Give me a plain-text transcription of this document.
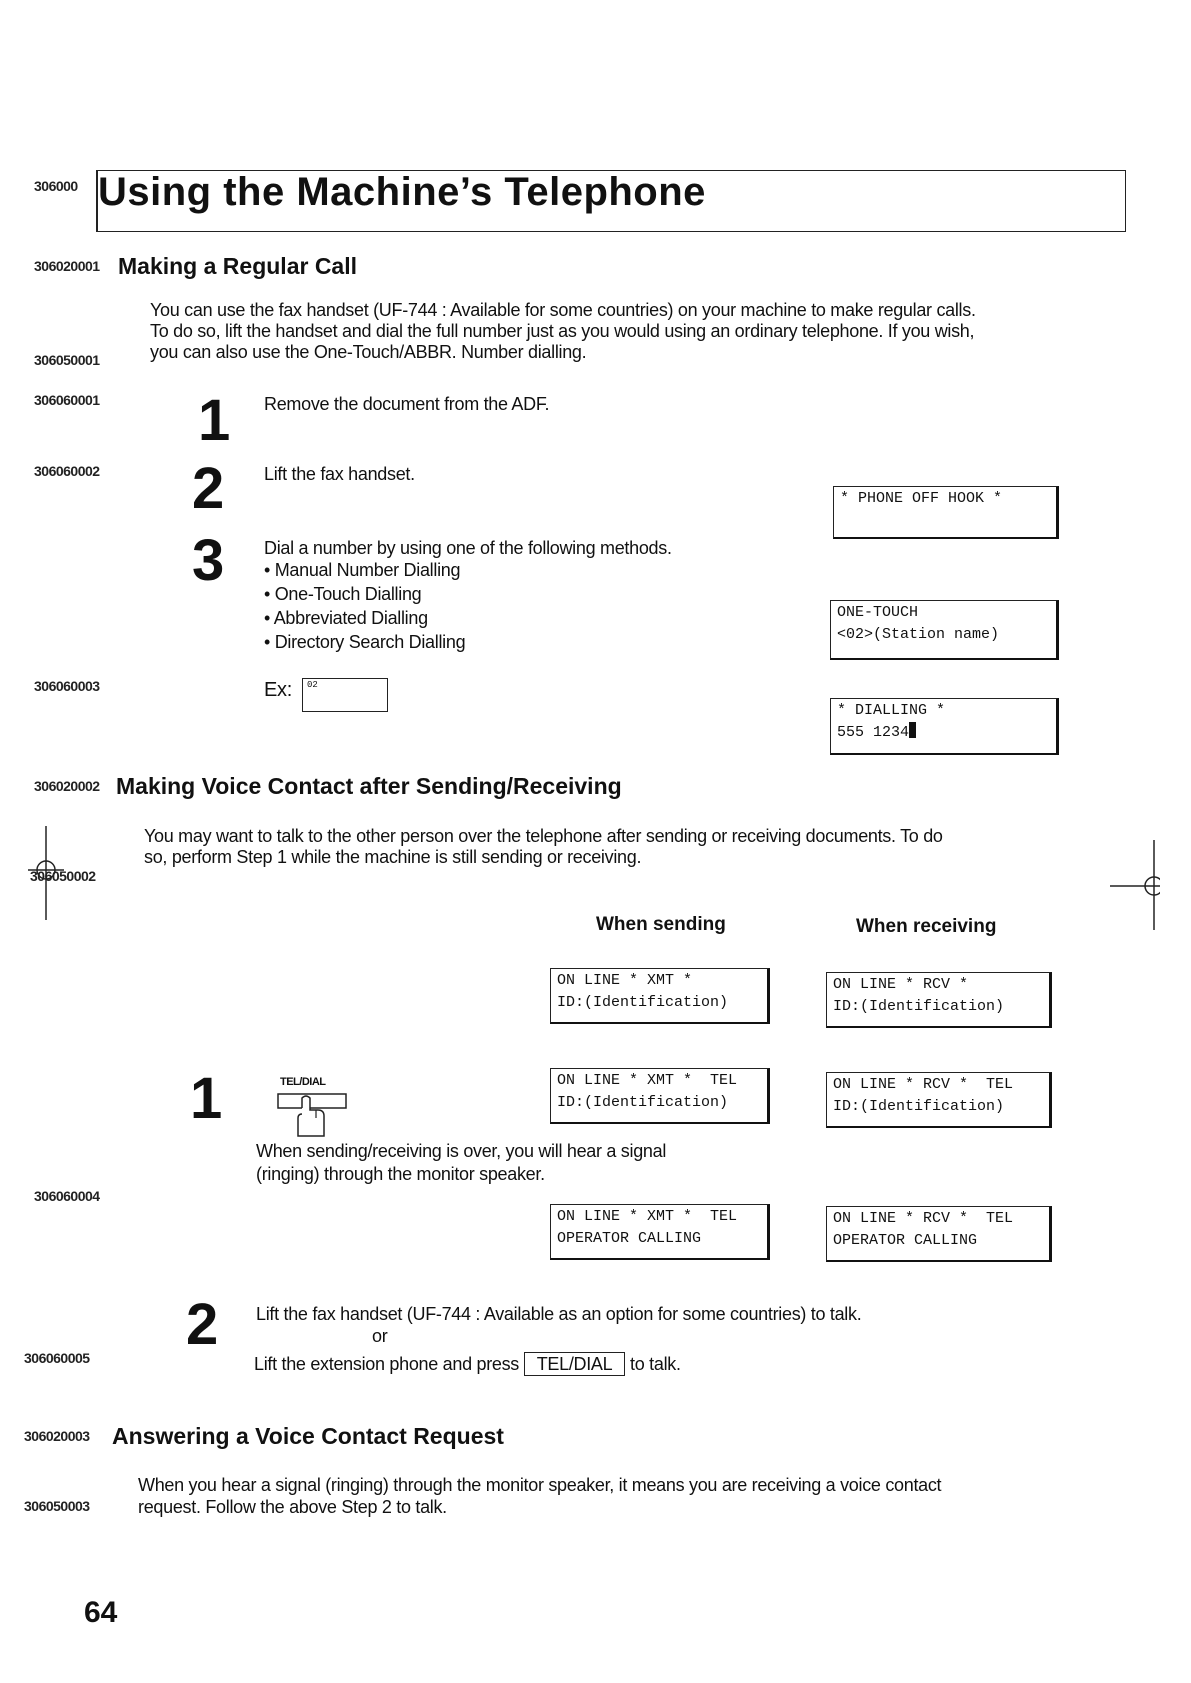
306000 Using the Machine’s Telephone
306020001 Making a Regular Call
You can use the fax handset (UF-744 : Available for some countries) on your machine to make regular calls.
To do so, lift the handset and dial the full number just as you would using an ordinary telephone. If you wish,
you can also use the One-Touch/ABBR. Number dialling.
306050001
306060001 1 Remove the document from the ADF.
306060002 2 Lift the fax handset.
3 Dial a number by using one of the following methods.
• Manual Number Dialling
• One-Touch Dialling
• Abbreviated Dialling
• Directory Search Dialling
306060003	Ex: 02
* PHONE OFF HOOK *
ONE-TOUCH
<02>(Station name)
* DIALLING *
555 1234
306020002 Making Voice Contact after Sending/Receiving
You may want to talk to the other person over the telephone after sending or receiving documents. To do
so, perform Step 1 while the machine is still sending or receiving.
306050002
When sending	When receiving
ON LINE * XMT *
ID:(Identification)
ON LINE * RCV *
ID:(Identification)
ON LINE * XMT *  TEL
ID:(Identification)
ON LINE * RCV *  TEL
ID:(Identification)
1	TEL/DIAL
When sending/receiving is over, you will hear a signal
(ringing) through the monitor speaker.
306060004
ON LINE * XMT *  TEL
OPERATOR CALLING
ON LINE * RCV *  TEL
OPERATOR CALLING
2 Lift the fax handset (UF-744 : Available as an option for some countries) to talk.
or
306060005	Lift the extension phone and press TEL/DIAL to talk.
306020003 Answering a Voice Contact Request
When you hear a signal (ringing) through the monitor speaker, it means you are receiving a voice contact
request. Follow the above Step 2 to talk.
306050003
64
